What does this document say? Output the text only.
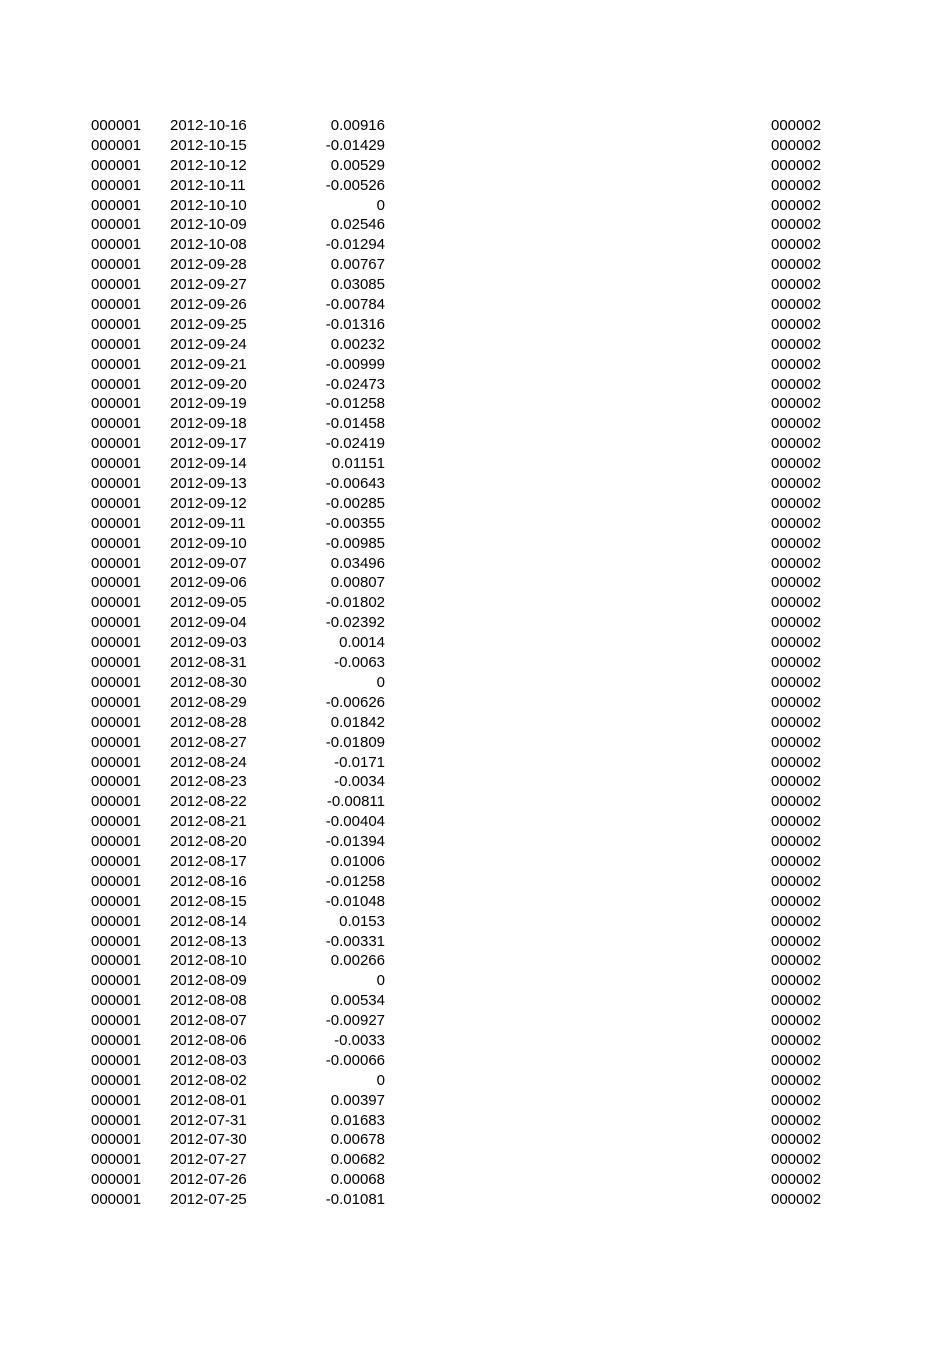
000001 2012-10-16	0.00916	000002
000001 2012-10-15	-0.01429	000002
000001 2012-10-12	0.00529	000002
000001 2012-10-11	-0.00526	000002
000001 2012-10-10	0	000002
000001 2012-10-09	0.02546	000002
000001 2012-10-08	-0.01294	000002
000001 2012-09-28	0.00767	000002
000001 2012-09-27	0.03085	000002
000001 2012-09-26	-0.00784	000002
000001 2012-09-25	-0.01316	000002
000001 2012-09-24	0.00232	000002
000001 2012-09-21	-0.00999	000002
000001 2012-09-20	-0.02473	000002
000001 2012-09-19	-0.01258	000002
000001 2012-09-18	-0.01458	000002
000001 2012-09-17	-0.02419	000002
000001 2012-09-14	0.01151	000002
000001 2012-09-13	-0.00643	000002
000001 2012-09-12	-0.00285	000002
000001 2012-09-11	-0.00355	000002
000001 2012-09-10	-0.00985	000002
000001 2012-09-07	0.03496	000002
000001 2012-09-06	0.00807	000002
000001 2012-09-05	-0.01802	000002
000001 2012-09-04	-0.02392	000002
000001 2012-09-03	0.0014	000002
000001 2012-08-31	-0.0063	000002
000001 2012-08-30	0	000002
000001 2012-08-29	-0.00626	000002
000001 2012-08-28	0.01842	000002
000001 2012-08-27	-0.01809	000002
000001 2012-08-24	-0.0171	000002
000001 2012-08-23	-0.0034	000002
000001 2012-08-22	-0.00811	000002
000001 2012-08-21	-0.00404	000002
000001 2012-08-20	-0.01394	000002
000001 2012-08-17	0.01006	000002
000001 2012-08-16	-0.01258	000002
000001 2012-08-15	-0.01048	000002
000001 2012-08-14	0.0153	000002
000001 2012-08-13	-0.00331	000002
000001 2012-08-10	0.00266	000002
000001 2012-08-09	0	000002
000001 2012-08-08	0.00534	000002
000001 2012-08-07	-0.00927	000002
000001 2012-08-06	-0.0033	000002
000001 2012-08-03	-0.00066	000002
000001 2012-08-02	0	000002
000001 2012-08-01	0.00397	000002
000001 2012-07-31	0.01683	000002
000001 2012-07-30	0.00678	000002
000001 2012-07-27	0.00682	000002
000001 2012-07-26	0.00068	000002
000001 2012-07-25	-0.01081	000002
